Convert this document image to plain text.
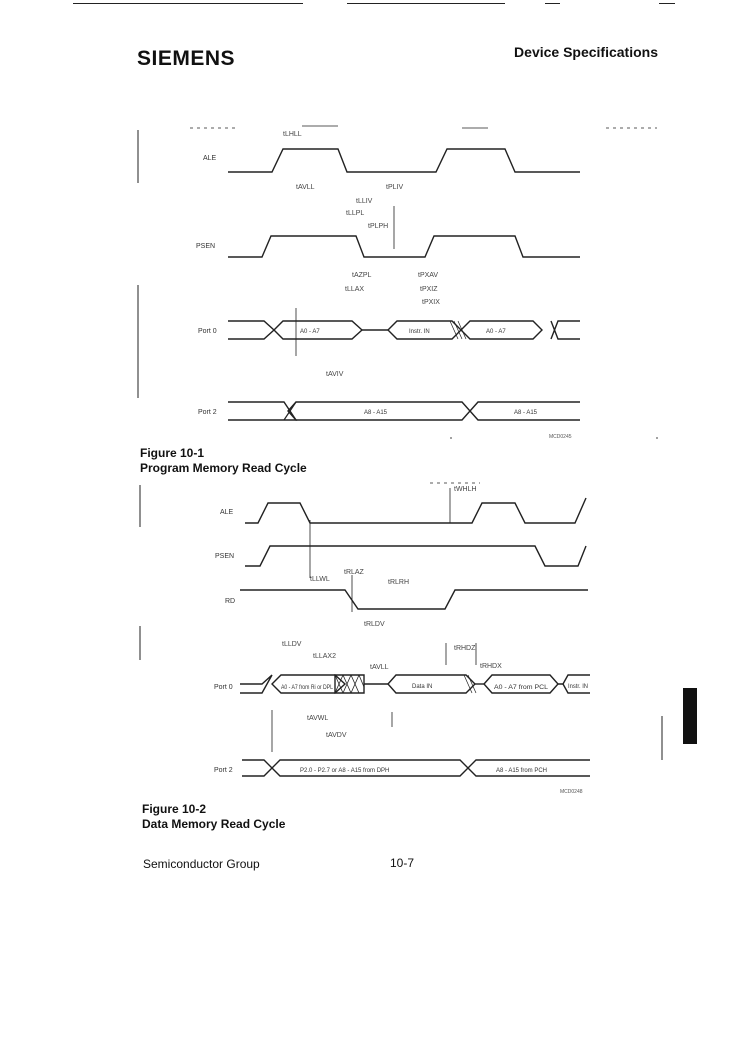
SIEMENS	Device Specifications
tLHLL
tAVLL	tPLIV
tLLIV
tLLPL
tPLPH
tAZPL	tPXAV
tLLAX	tPXIZ
tPXIX
tAVIV
ALE
PSEN
Port 0
Port 2
A0 - A7	Instr. IN	A0 - A7
A8 - A15	A8 - A15
MCD0245
Figure 10-1
Program Memory Read Cycle
tWHLH
tLLDV
tLLWL	tRLRH
tRLDV
tLLAX2
tRLAZ
tRHDZ
tRHDX
tAVWL
tAVDV
tAVLL
ALE
PSEN
RD
Port 0
Port 2
A0 - A7 from Ri or DPL	Data IN	A0 - A7 from PCL	Instr. IN
P2.0 - P2.7 or A8 - A15 from DPH	A8 - A15 from PCH
MCD0248
Figure 10-2
Data Memory Read Cycle
Semiconductor Group	10-7
